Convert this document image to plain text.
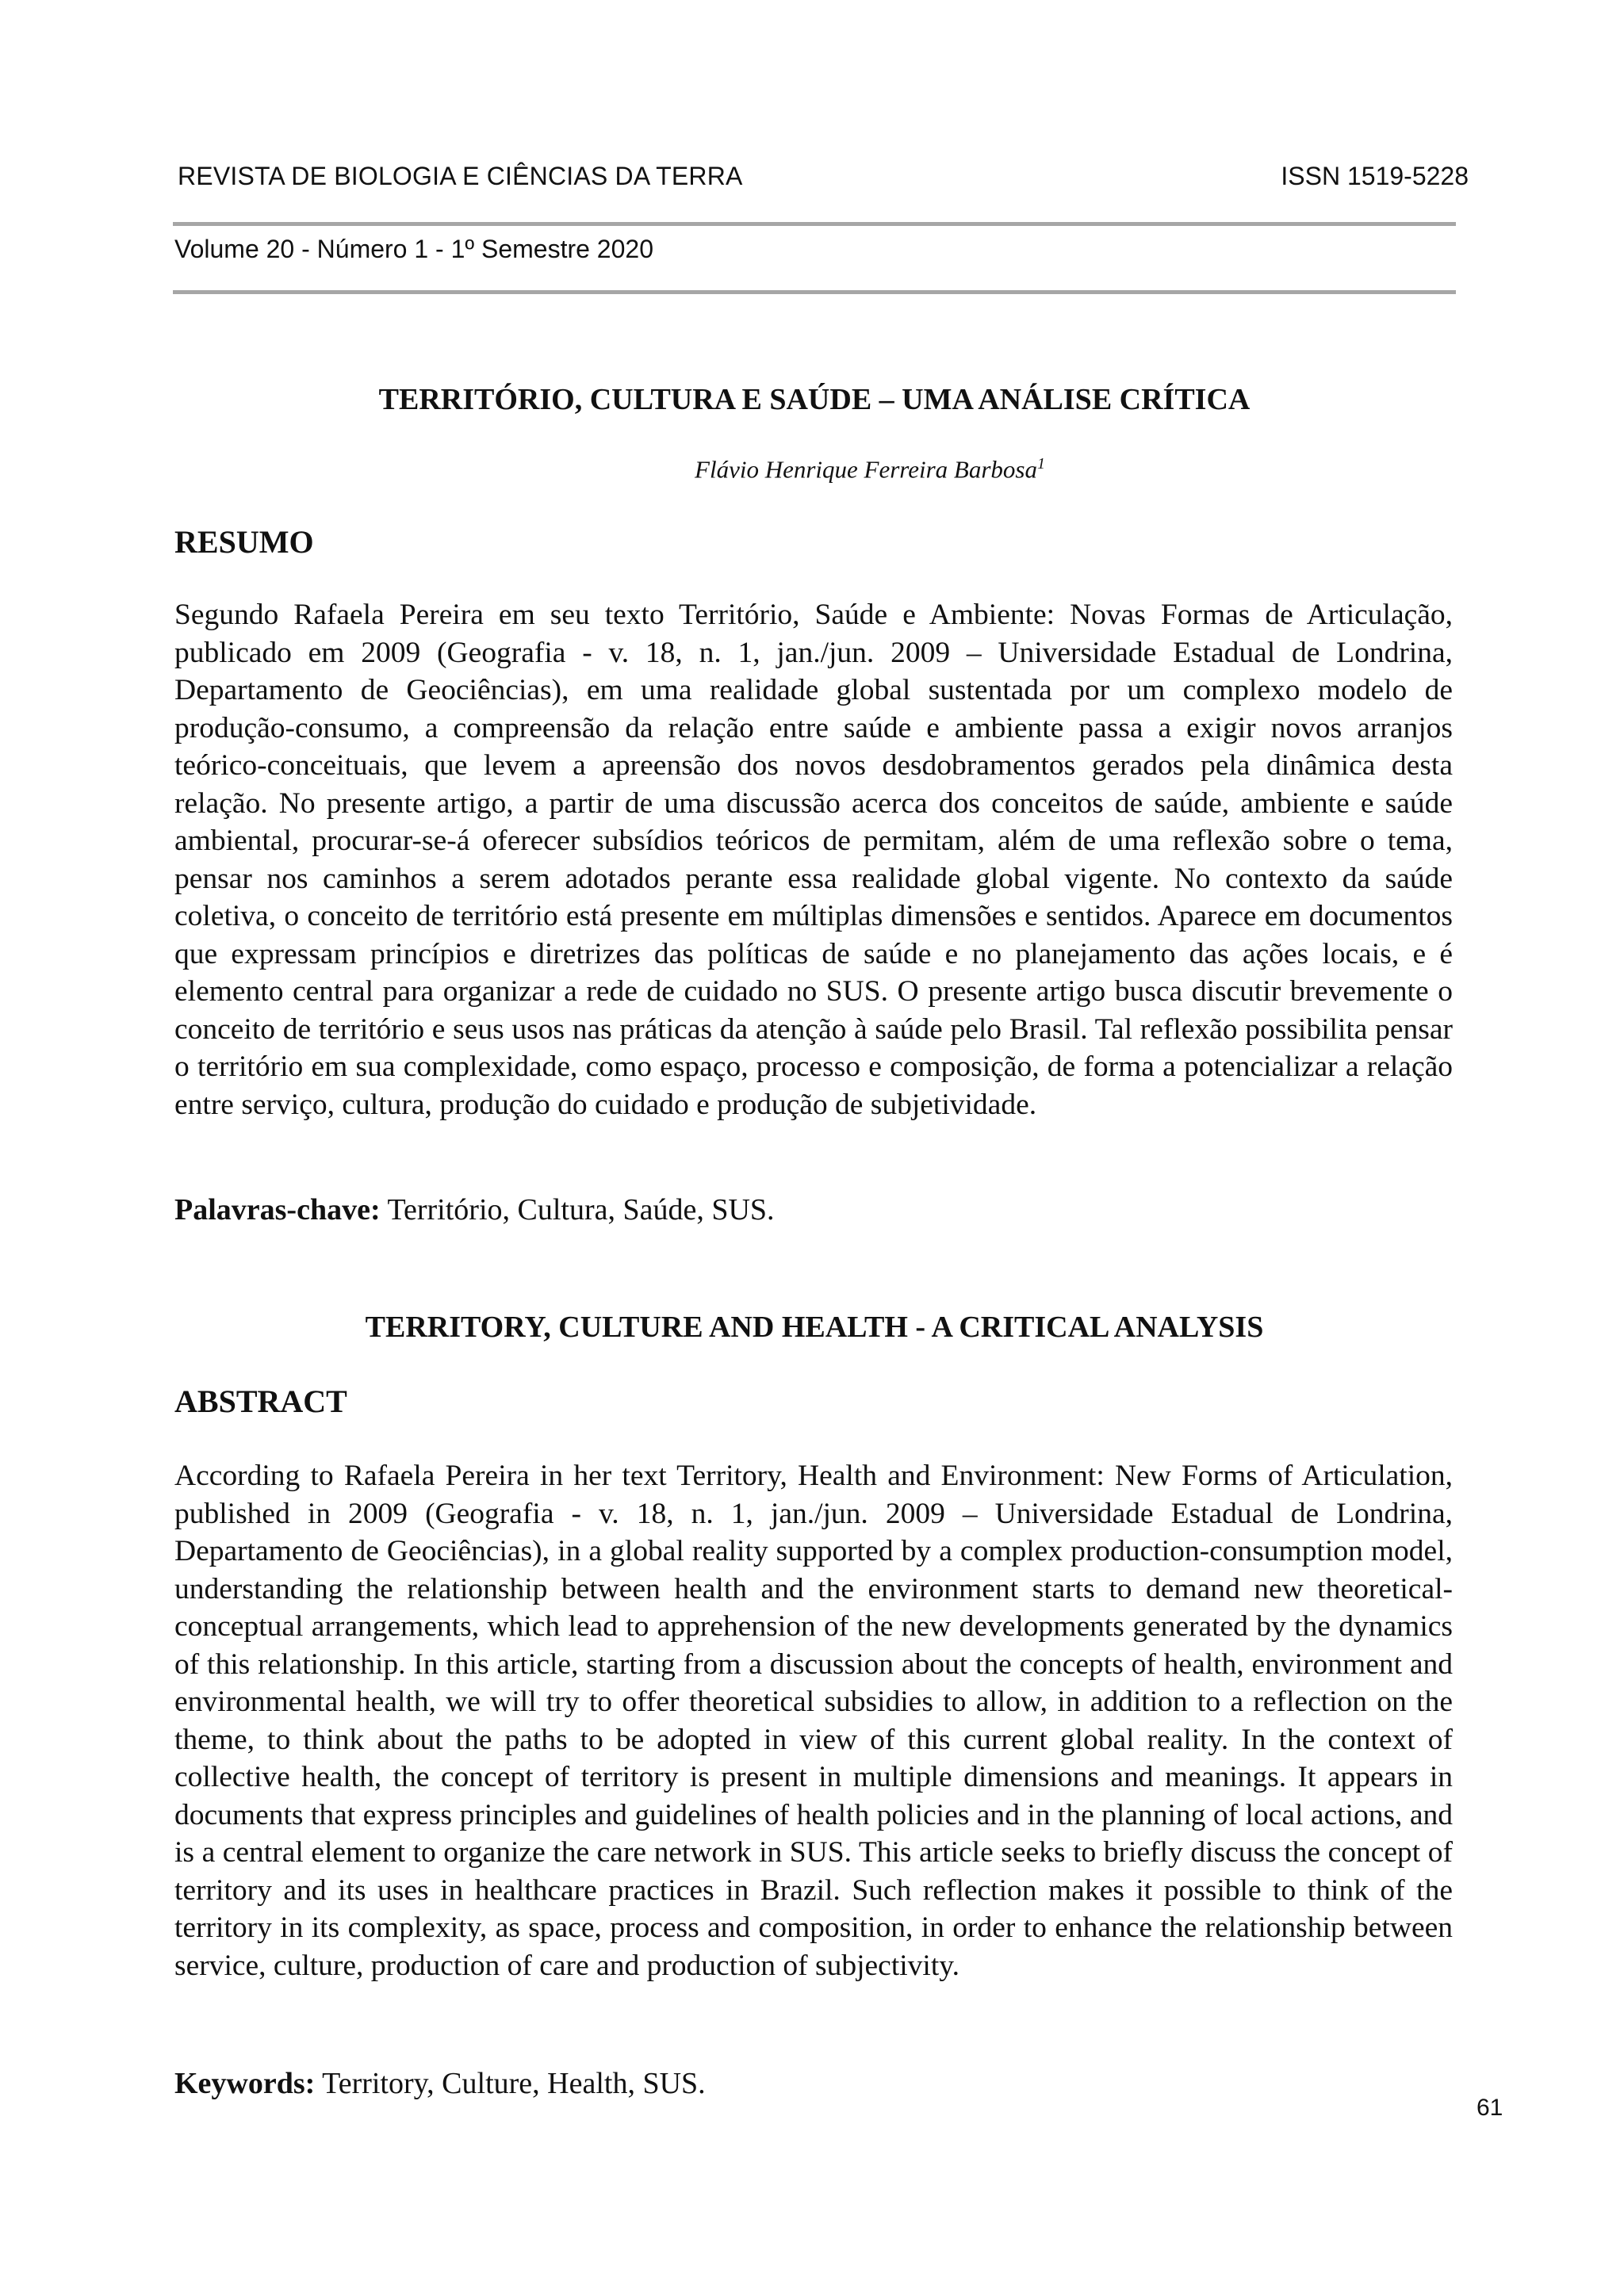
REVISTA DE BIOLOGIA E CIÊNCIAS DA TERRA	ISSN 1519-5228
Volume 20 - Número 1 - 1º Semestre 2020
TERRITÓRIO, CULTURA E SAÚDE – UMA ANÁLISE CRÍTICA
Flávio Henrique Ferreira Barbosa$^1$
RESUMO

Segundo Rafaela Pereira em seu texto Território, Saúde e Ambiente: Novas Formas de Articulação, publicado em 2009 (Geografia - v. 18, n. 1, jan./jun. 2009 – Universidade Estadual de Londrina, Departamento de Geociências), em uma realidade global sustentada por um complexo modelo de produção-consumo, a compreensão da relação entre saúde e ambiente passa a exigir novos arranjos teórico-conceituais, que levem a apreensão dos novos desdobramentos gerados pela dinâmica desta relação. No presente artigo, a partir de uma discussão acerca dos conceitos de saúde, ambiente e saúde ambiental, procurar-se-á oferecer subsídios teóricos de permitam, além de uma reflexão sobre o tema, pensar nos caminhos a serem adotados perante essa realidade global vigente. No contexto da saúde coletiva, o conceito de território está presente em múltiplas dimensões e sentidos. Aparece em documentos que expressam princípios e diretrizes das políticas de saúde e no planejamento das ações locais, e é elemento central para organizar a rede de cuidado no SUS. O presente artigo busca discutir brevemente o conceito de território e seus usos nas práticas da atenção à saúde pelo Brasil. Tal reflexão possibilita pensar o território em sua complexidade, como espaço, processo e composição, de forma a potencializar a relação entre serviço, cultura, produção do cuidado e produção de subjetividade.

Palavras-chave: Território, Cultura, Saúde, SUS.
TERRITORY, CULTURE AND HEALTH - A CRITICAL ANALYSIS
ABSTRACT

According to Rafaela Pereira in her text Territory, Health and Environment: New Forms of Articulation, published in 2009 (Geografia - v. 18, n. 1, jan./jun. 2009 – Universidade Estadual de Londrina, Departamento de Geociências), in a global reality supported by a complex production-consumption model, understanding the relationship between health and the environment starts to demand new theoretical-conceptual arrangements, which lead to apprehension of the new developments generated by the dynamics of this relationship. In this article, starting from a discussion about the concepts of health, environment and environmental health, we will try to offer theoretical subsidies to allow, in addition to a reflection on the theme, to think about the paths to be adopted in view of this current global reality. In the context of collective health, the concept of territory is present in multiple dimensions and meanings. It appears in documents that express principles and guidelines of health policies and in the planning of local actions, and is a central element to organize the care network in SUS. This article seeks to briefly discuss the concept of territory and its uses in healthcare practices in Brazil. Such reflection makes it possible to think of the territory in its complexity, as space, process and composition, in order to enhance the relationship between service, culture, production of care and production of subjectivity.

Keywords: Territory, Culture, Health, SUS.
61
